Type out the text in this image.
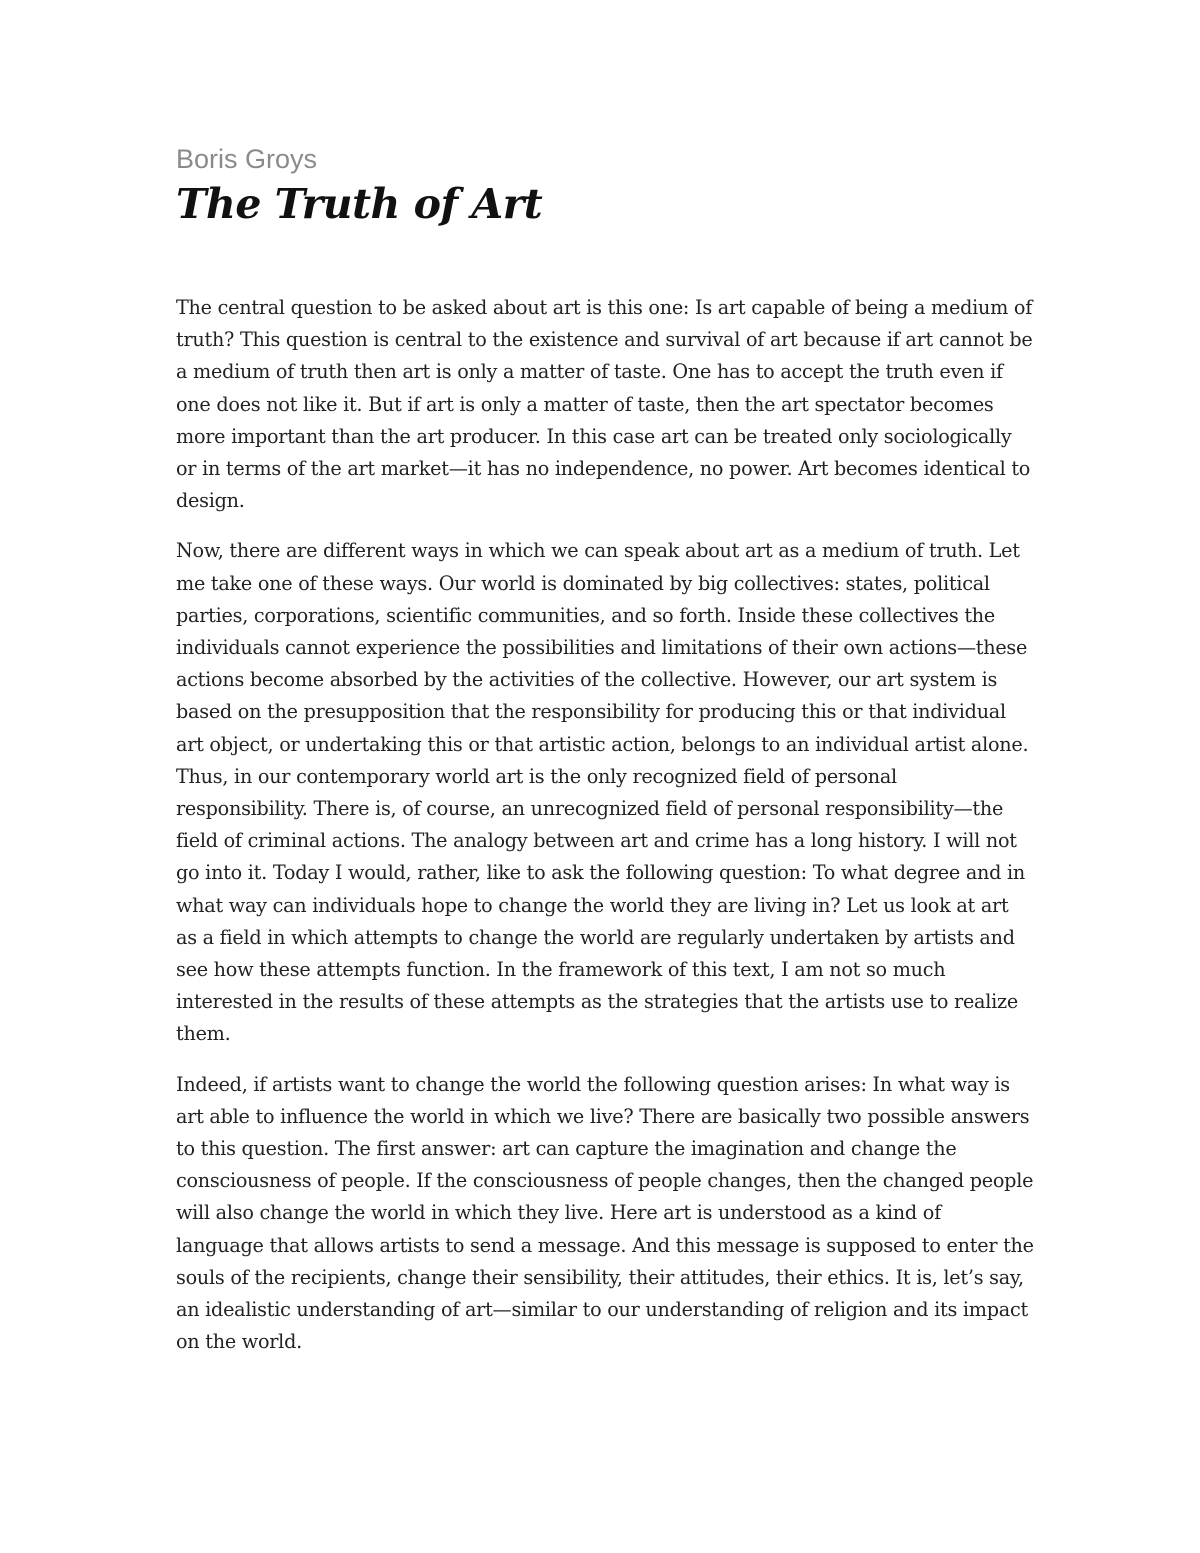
Boris Groys
The Truth of Art

The central question to be asked about art is this one: Is art capable of being a medium of truth? This question is central to the existence and survival of art because if art cannot be a medium of truth then art is only a matter of taste. One has to accept the truth even if one does not like it. But if art is only a matter of taste, then the art spectator becomes more important than the art producer. In this case art can be treated only sociologically or in terms of the art market—it has no independence, no power. Art becomes identical to design.

Now, there are different ways in which we can speak about art as a medium of truth. Let me take one of these ways. Our world is dominated by big collectives: states, political parties, corporations, scientific communities, and so forth. Inside these collectives the individuals cannot experience the possibilities and limitations of their own actions—these actions become absorbed by the activities of the collective. However, our art system is based on the presupposition that the responsibility for producing this or that individual art object, or undertaking this or that artistic action, belongs to an individual artist alone. Thus, in our contemporary world art is the only recognized field of personal responsibility. There is, of course, an unrecognized field of personal responsibility—the field of criminal actions. The analogy between art and crime has a long history. I will not go into it. Today I would, rather, like to ask the following question: To what degree and in what way can individuals hope to change the world they are living in? Let us look at art as a field in which attempts to change the world are regularly undertaken by artists and see how these attempts function. In the framework of this text, I am not so much interested in the results of these attempts as the strategies that the artists use to realize them.

Indeed, if artists want to change the world the following question arises: In what way is art able to influence the world in which we live? There are basically two possible answers to this question. The first answer: art can capture the imagination and change the consciousness of people. If the consciousness of people changes, then the changed people will also change the world in which they live. Here art is understood as a kind of language that allows artists to send a message. And this message is supposed to enter the souls of the recipients, change their sensibility, their attitudes, their ethics. It is, let’s say, an idealistic understanding of art—similar to our understanding of religion and its impact on the world.
